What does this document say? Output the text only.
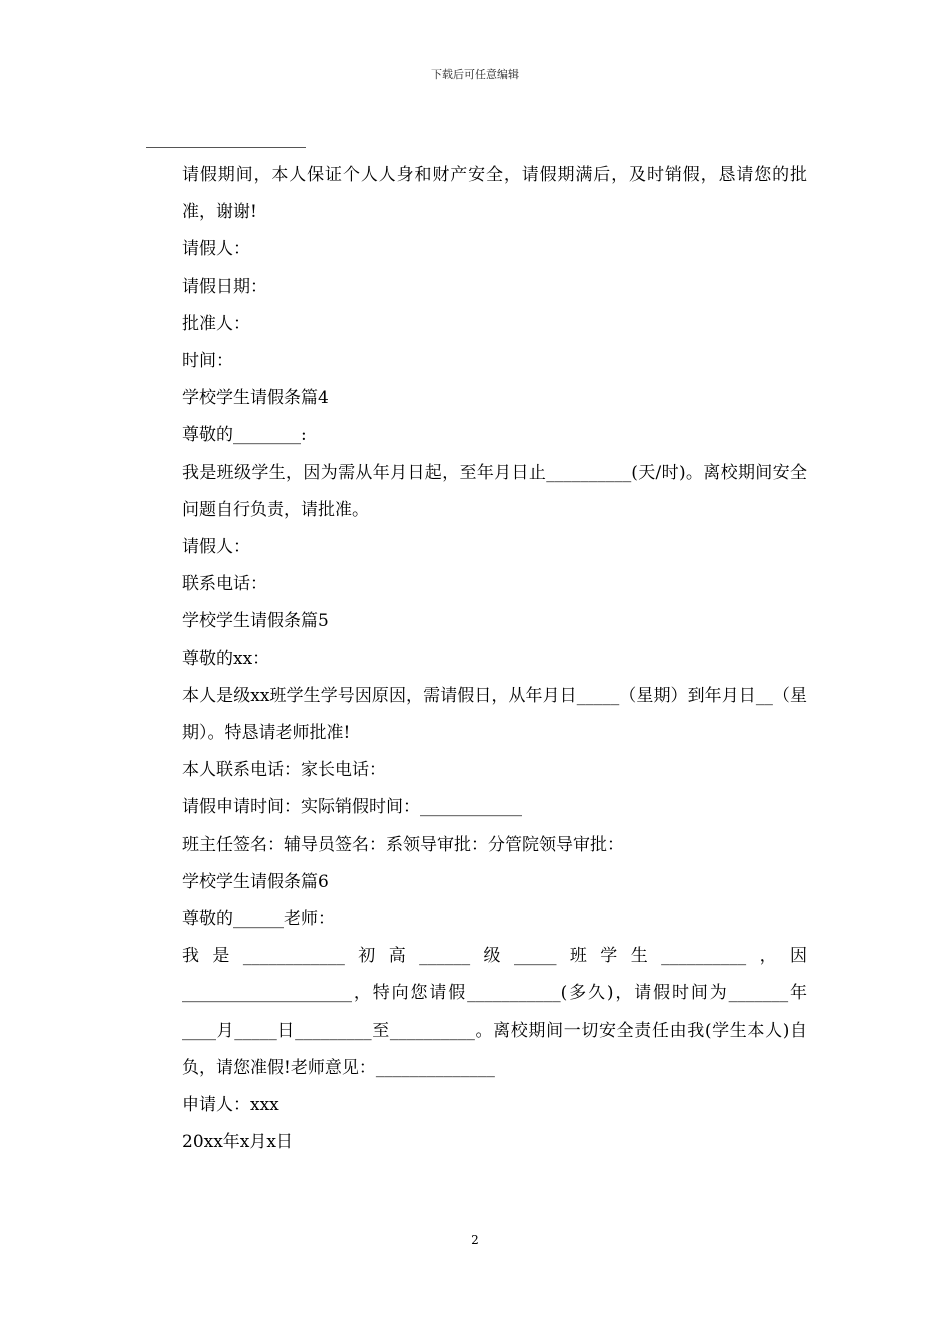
下载后可任意编辑

请假期间，本人保证个人人身和财产安全，请假期满后，及时销假，恳请您的批准，谢谢!

请假人：

请假日期：

批准人：

时间：

学校学生请假条篇4

尊敬的________:

我是班级学生，因为需从年月日起，至年月日止__________(天/时)。离校期间安全问题自行负责，请批准。

请假人：

联系电话：

学校学生请假条篇5

尊敬的xx：

本人是级xx班学生学号因原因，需请假日，从年月日_____（星期）到年月日__（星期）。特恳请老师批准!

本人联系电话：家长电话：

请假申请时间：实际销假时间：____________

班主任签名：辅导员签名：系领导审批：分管院领导审批：

学校学生请假条篇6

尊敬的______老师：

我是____________初高______级_____班学生__________，因____________________，特向您请假___________(多久)，请假时间为_______年____月_____日_________至__________。离校期间一切安全责任由我(学生本人)自负，请您准假!老师意见：______________

申请人：xxx

20xx年x月x日

2
